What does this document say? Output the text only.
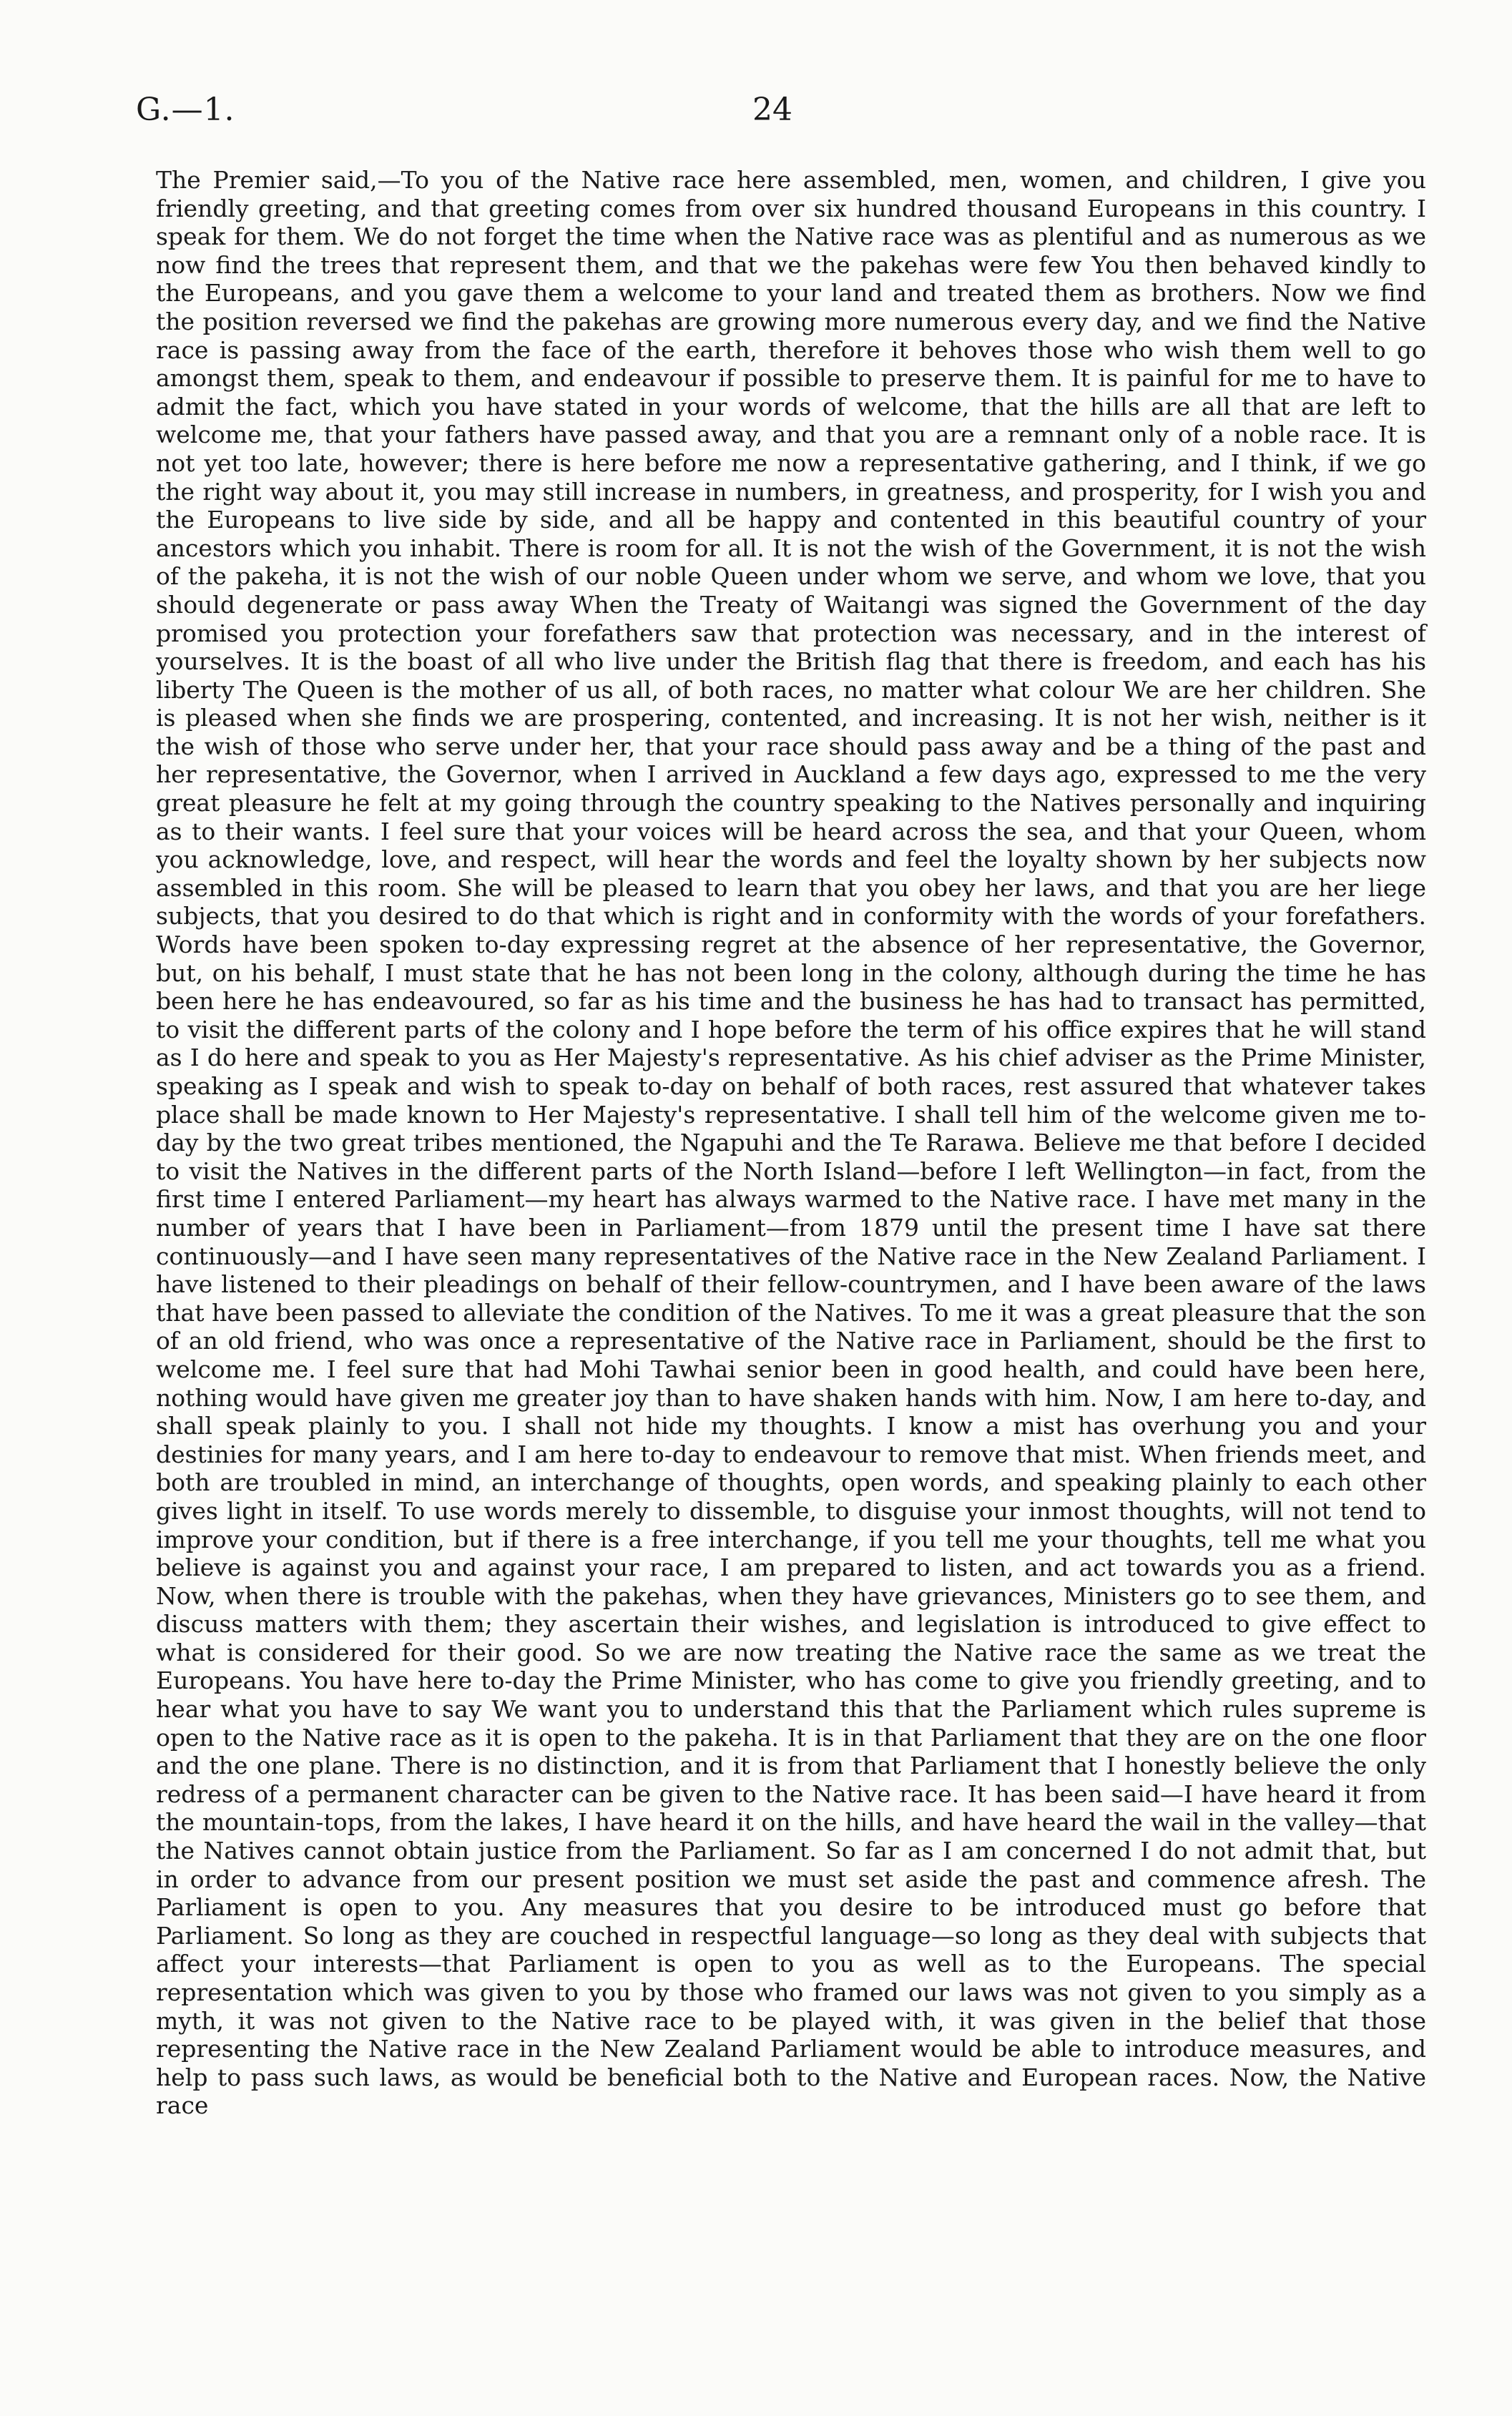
G.—1.	24

The Premier said,—To you of the Native race here assembled, men, women, and children, I give you friendly greeting, and that greeting comes from over six hundred thousand Europeans in this country. I speak for them. We do not forget the time when the Native race was as plentiful and as numerous as we now find the trees that represent them, and that we the pakehas were few You then behaved kindly to the Europeans, and you gave them a welcome to your land and treated them as brothers. Now we find the position reversed we find the pakehas are growing more numerous every day, and we find the Native race is passing away from the face of the earth, therefore it behoves those who wish them well to go amongst them, speak to them, and endeavour if possible to preserve them. It is painful for me to have to admit the fact, which you have stated in your words of welcome, that the hills are all that are left to welcome me, that your fathers have passed away, and that you are a remnant only of a noble race. It is not yet too late, however; there is here before me now a representative gathering, and I think, if we go the right way about it, you may still increase in numbers, in greatness, and prosperity, for I wish you and the Europeans to live side by side, and all be happy and contented in this beautiful country of your ancestors which you inhabit. There is room for all. It is not the wish of the Government, it is not the wish of the pakeha, it is not the wish of our noble Queen under whom we serve, and whom we love, that you should degenerate or pass away When the Treaty of Waitangi was signed the Government of the day promised you protection your forefathers saw that protection was necessary, and in the interest of yourselves. It is the boast of all who live under the British flag that there is freedom, and each has his liberty The Queen is the mother of us all, of both races, no matter what colour We are her children. She is pleased when she finds we are prospering, contented, and increasing. It is not her wish, neither is it the wish of those who serve under her, that your race should pass away and be a thing of the past and her representative, the Governor, when I arrived in Auckland a few days ago, expressed to me the very great pleasure he felt at my going through the country speaking to the Natives personally and inquiring as to their wants. I feel sure that your voices will be heard across the sea, and that your Queen, whom you acknowledge, love, and respect, will hear the words and feel the loyalty shown by her subjects now assembled in this room. She will be pleased to learn that you obey her laws, and that you are her liege subjects, that you desired to do that which is right and in conformity with the words of your forefathers. Words have been spoken to-day expressing regret at the absence of her representative, the Governor, but, on his behalf, I must state that he has not been long in the colony, although during the time he has been here he has endeavoured, so far as his time and the business he has had to transact has permitted, to visit the different parts of the colony and I hope before the term of his office expires that he will stand as I do here and speak to you as Her Majesty's representative. As his chief adviser as the Prime Minister, speaking as I speak and wish to speak to-day on behalf of both races, rest assured that whatever takes place shall be made known to Her Majesty's representative. I shall tell him of the welcome given me to-day by the two great tribes mentioned, the Ngapuhi and the Te Rarawa. Believe me that before I decided to visit the Natives in the different parts of the North Island—before I left Wellington—in fact, from the first time I entered Parliament—my heart has always warmed to the Native race. I have met many in the number of years that I have been in Parliament—from 1879 until the present time I have sat there continuously—and I have seen many representatives of the Native race in the New Zealand Parliament. I have listened to their pleadings on behalf of their fellow-countrymen, and I have been aware of the laws that have been passed to alleviate the condition of the Natives. To me it was a great pleasure that the son of an old friend, who was once a representative of the Native race in Parliament, should be the first to welcome me. I feel sure that had Mohi Tawhai senior been in good health, and could have been here, nothing would have given me greater joy than to have shaken hands with him. Now, I am here to-day, and shall speak plainly to you. I shall not hide my thoughts. I know a mist has overhung you and your destinies for many years, and I am here to-day to endeavour to remove that mist. When friends meet, and both are troubled in mind, an interchange of thoughts, open words, and speaking plainly to each other gives light in itself. To use words merely to dissemble, to disguise your inmost thoughts, will not tend to improve your condition, but if there is a free interchange, if you tell me your thoughts, tell me what you believe is against you and against your race, I am prepared to listen, and act towards you as a friend. Now, when there is trouble with the pakehas, when they have grievances, Ministers go to see them, and discuss matters with them; they ascertain their wishes, and legislation is introduced to give effect to what is considered for their good. So we are now treating the Native race the same as we treat the Europeans. You have here to-day the Prime Minister, who has come to give you friendly greeting, and to hear what you have to say We want you to understand this that the Parliament which rules supreme is open to the Native race as it is open to the pakeha. It is in that Parliament that they are on the one floor and the one plane. There is no distinction, and it is from that Parliament that I honestly believe the only redress of a permanent character can be given to the Native race. It has been said—I have heard it from the mountain-tops, from the lakes, I have heard it on the hills, and have heard the wail in the valley—that the Natives cannot obtain justice from the Parliament. So far as I am concerned I do not admit that, but in order to advance from our present position we must set aside the past and commence afresh. The Parliament is open to you. Any measures that you desire to be introduced must go before that Parliament. So long as they are couched in respectful language—so long as they deal with subjects that affect your interests—that Parliament is open to you as well as to the Europeans. The special representation which was given to you by those who framed our laws was not given to you simply as a myth, it was not given to the Native race to be played with, it was given in the belief that those representing the Native race in the New Zealand Parliament would be able to introduce measures, and help to pass such laws, as would be beneficial both to the Native and European races. Now, the Native race
